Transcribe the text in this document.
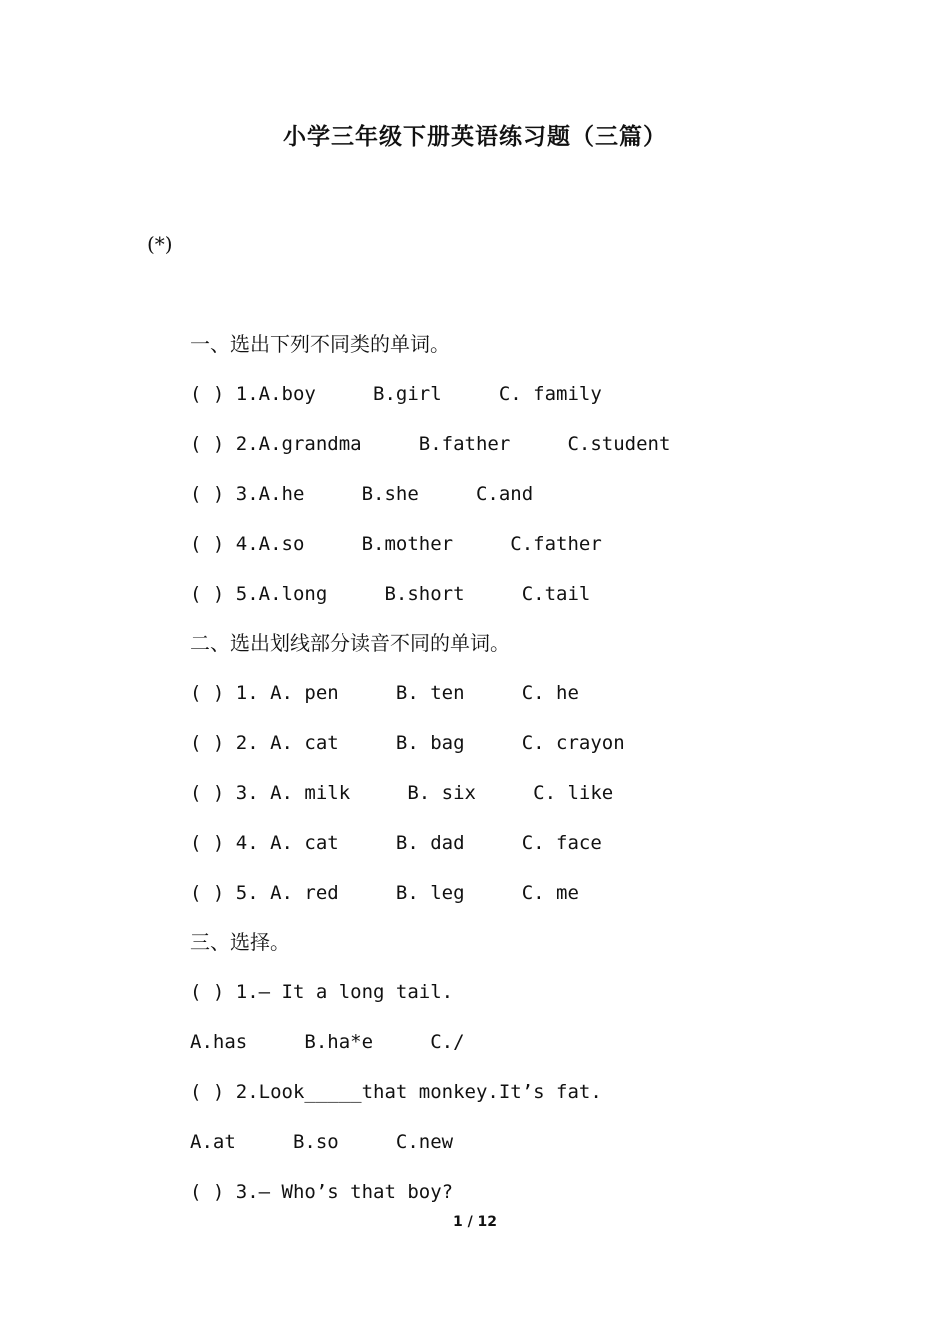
小学三年级下册英语练习题（三篇）
(*)
一、选出下列不同类的单词。
( ) 1.A.boy     B.girl     C. family
( ) 2.A.grandma     B.father     C.student
( ) 3.A.he     B.she     C.and
( ) 4.A.so     B.mother     C.father
( ) 5.A.long     B.short     C.tail
二、选出划线部分读音不同的单词。
( ) 1. A. pen     B. ten     C. he
( ) 2. A. cat     B. bag     C. crayon
( ) 3. A. milk     B. six     C. like
( ) 4. A. cat     B. dad     C. face
( ) 5. A. red     B. leg     C. me
三、选择。
( ) 1.— It a long tail.
A.has     B.ha*e     C./
( ) 2.Look_____that monkey.It’s fat.
A.at     B.so     C.new
( ) 3.— Who’s that boy?
1 / 12
